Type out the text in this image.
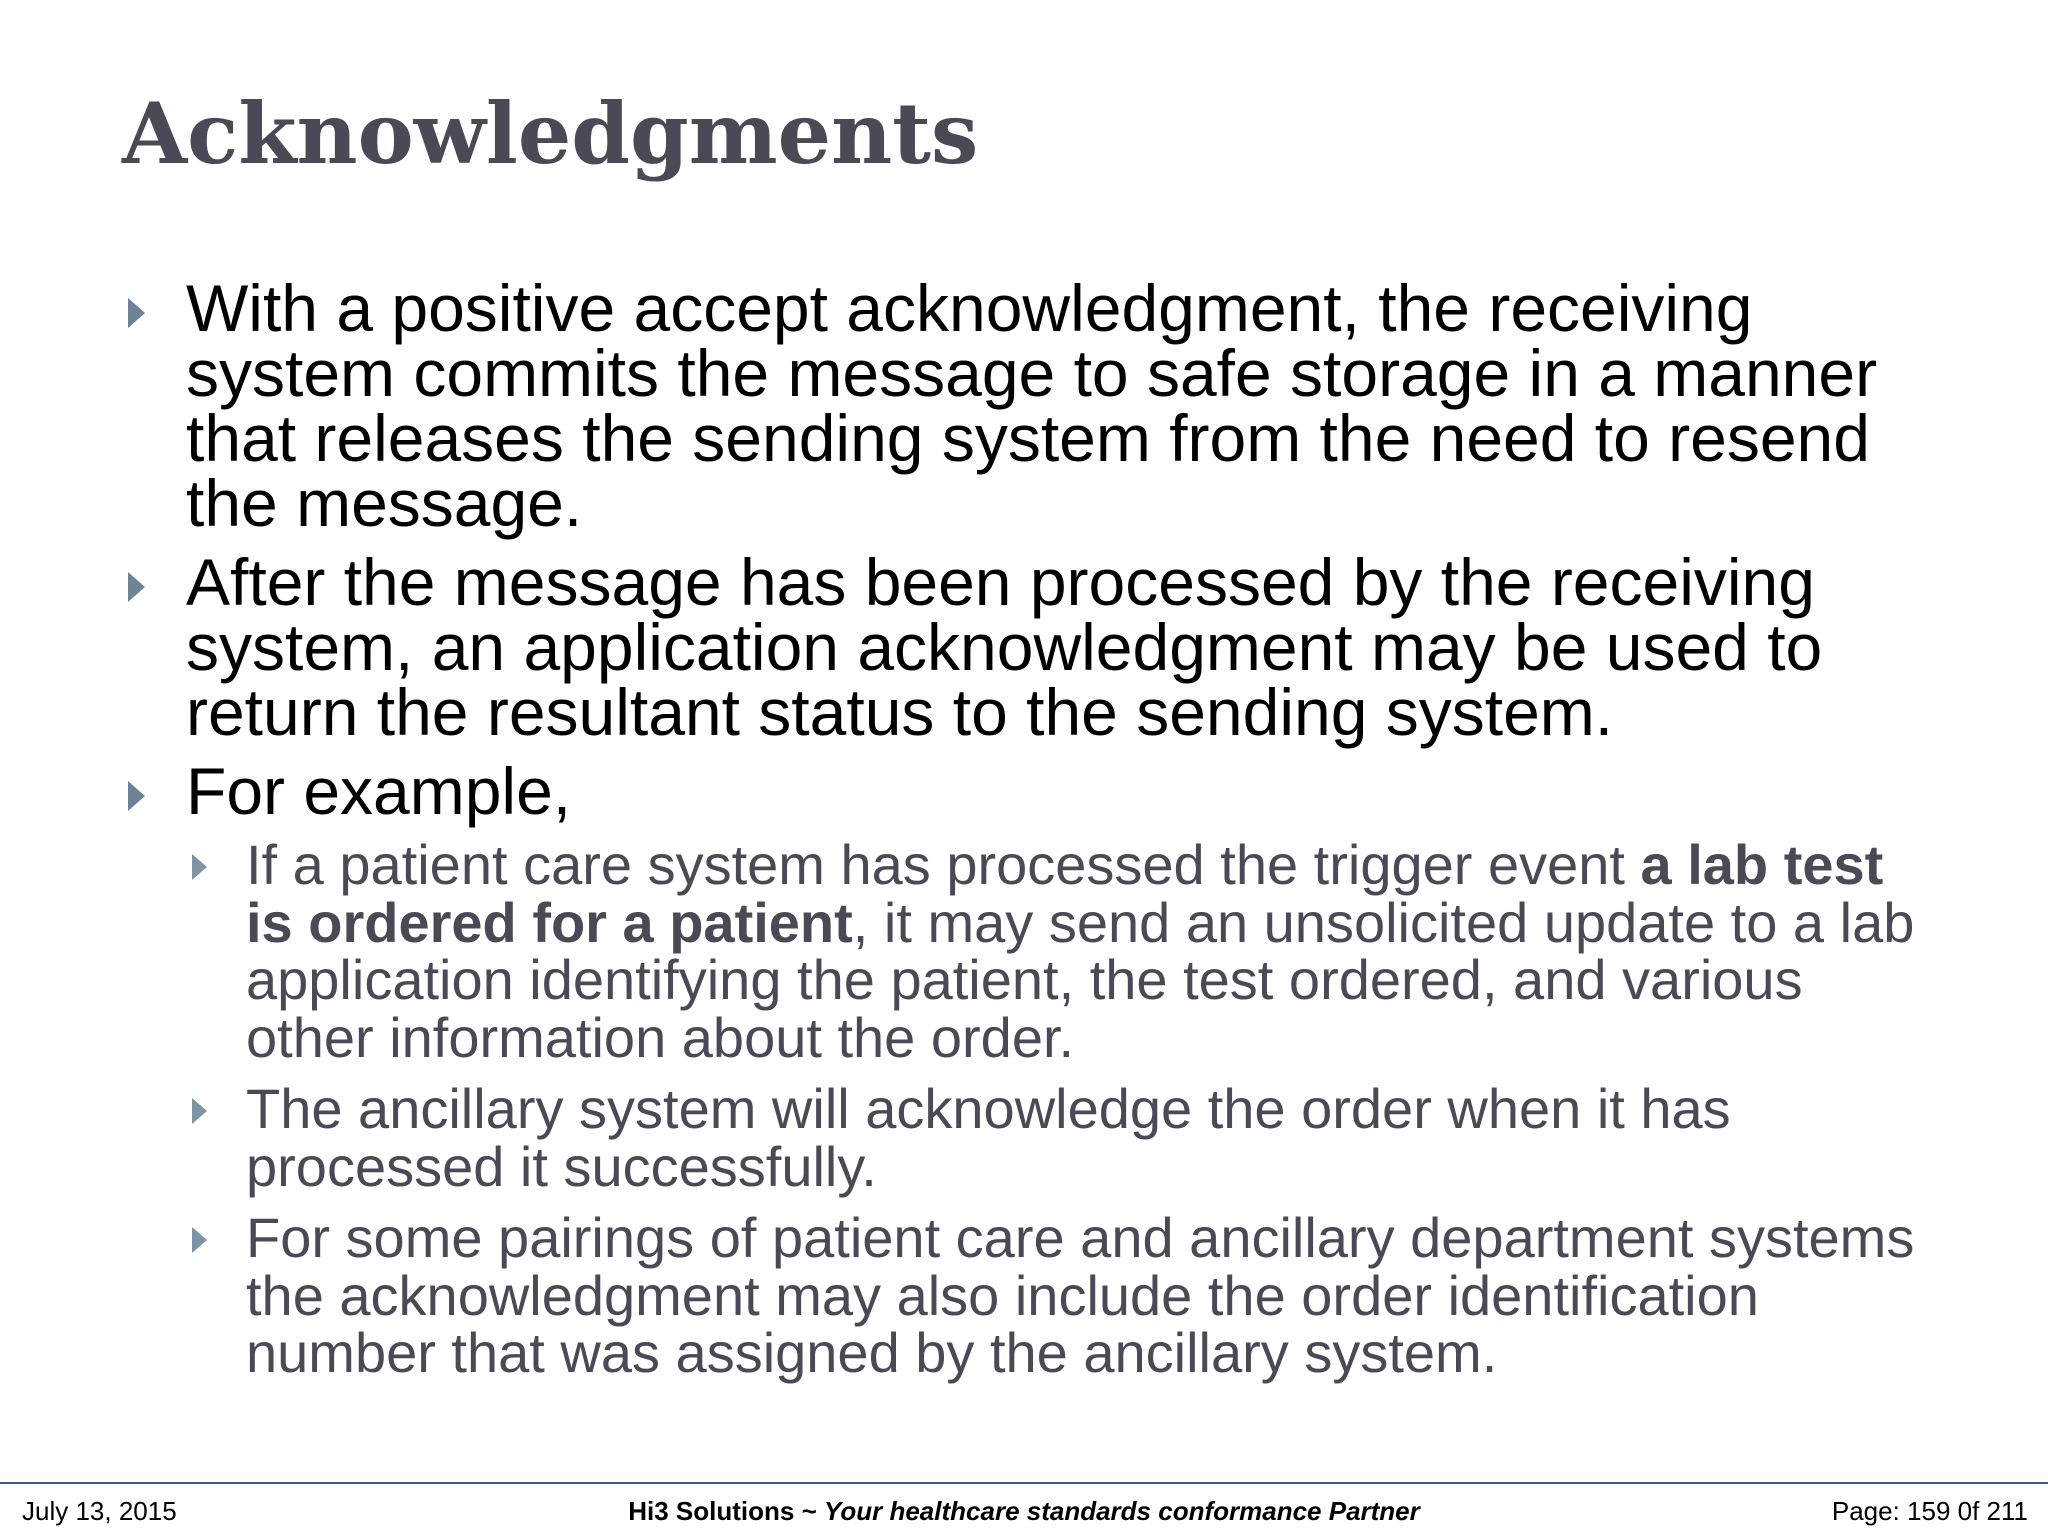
Acknowledgments
With a positive accept acknowledgment, the receiving system commits the message to safe storage in a manner that releases the sending system from the need to resend the message.
After the message has been processed by the receiving system, an application acknowledgment may be used to return the resultant status to the sending system.
For example,
If a patient care system has processed the trigger event a lab test is ordered for a patient, it may send an unsolicited update to a lab application identifying the patient, the test ordered, and various other information about the order.
The ancillary system will acknowledge the order when it has processed it successfully.
For some pairings of patient care and ancillary department systems the acknowledgment may also include the order identification number that was assigned by the ancillary system.
July 13, 2015	Hi3 Solutions ~ Your healthcare standards conformance Partner	Page: 159 0f 211
